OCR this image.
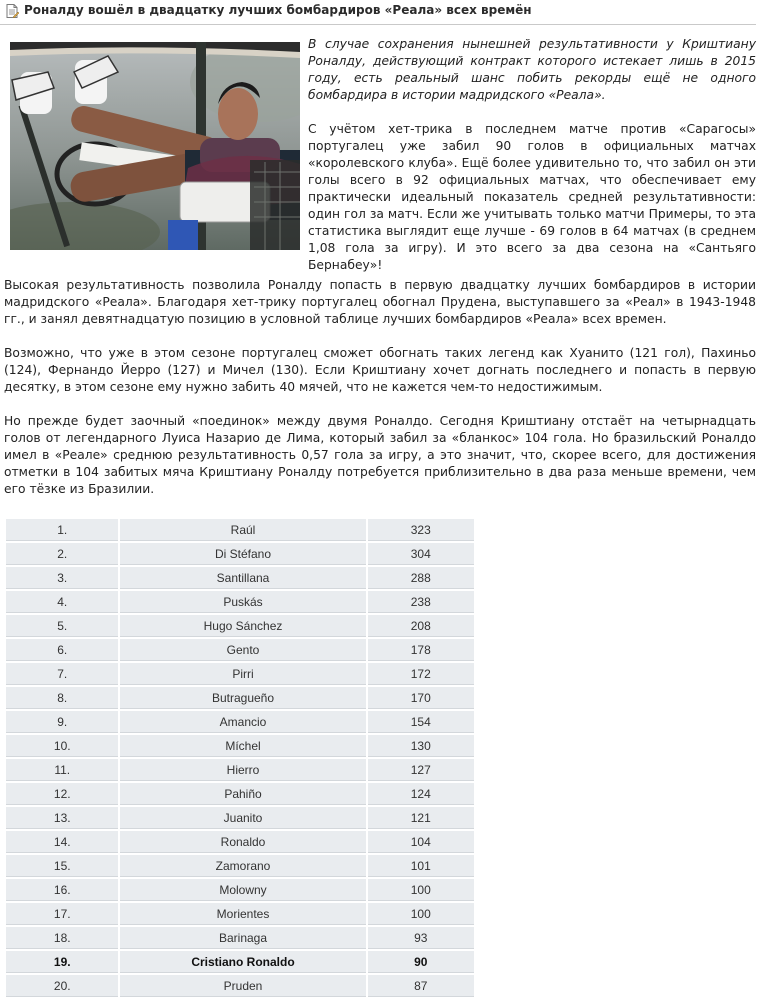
Роналду вошёл в двадцатку лучших бомбардиров «Реала» всех времён

В случае сохранения нынешней результативности у Криштиану Роналду, действующий контракт которого истекает лишь в 2015 году, есть реальный шанс побить рекорды ещё не одного бомбардира в истории мадридского «Реала».

С учётом хет-трика в последнем матче против «Сарагосы» португалец уже забил 90 голов в официальных матчах «королевского клуба». Ещё более удивительно то, что забил он эти голы всего в 92 официальных матчах, что обеспечивает ему практически идеальный показатель средней результативности: один гол за матч. Если же учитывать только матчи Примеры, то эта статистика выглядит еще лучше - 69 голов в 64 матчах (в среднем 1,08 гола за игру). И это всего за два сезона на «Сантьяго Бернабеу»!

Высокая результативность позволила Роналду попасть в первую двадцатку лучших бомбардиров в истории мадридского «Реала». Благодаря хет-трику португалец обогнал Прудена, выступавшего за «Реал» в 1943-1948 гг., и занял девятнадцатую позицию в условной таблице лучших бомбардиров «Реала» всех времен.

Возможно, что уже в этом сезоне португалец сможет обогнать таких легенд как Хуанито (121 гол), Пахиньо (124), Фернандо Йерро (127) и Мичел (130). Если Криштиану хочет догнать последнего и попасть в первую десятку, в этом сезоне ему нужно забить 40 мячей, что не кажется чем-то недостижимым.

Но прежде будет заочный «поединок» между двумя Роналдо. Сегодня Криштиану отстаёт на четырнадцать голов от легендарного Луиса Назарио де Лима, который забил за «бланкос» 104 гола. Но бразильский Роналдо имел в «Реале» среднюю результативность 0,57 гола за игру, а это значит, что, скорее всего, для достижения отметки в 104 забитых мяча Криштиану Роналду потребуется приблизительно в два раза меньше времени, чем его тёзке из Бразилии.

1.	Raúl	323
2.	Di Stéfano	304
3.	Santillana	288
4.	Puskás	238
5.	Hugo Sánchez	208
6.	Gento	178
7.	Pirri	172
8.	Butragueño	170
9.	Amancio	154
10.	Míchel	130
11.	Hierro	127
12.	Pahiño	124
13.	Juanito	121
14.	Ronaldo	104
15.	Zamorano	101
16.	Molowny	100
17.	Morientes	100
18.	Barinaga	93
19.	Cristiano Ronaldo	90
20.	Pruden	87
